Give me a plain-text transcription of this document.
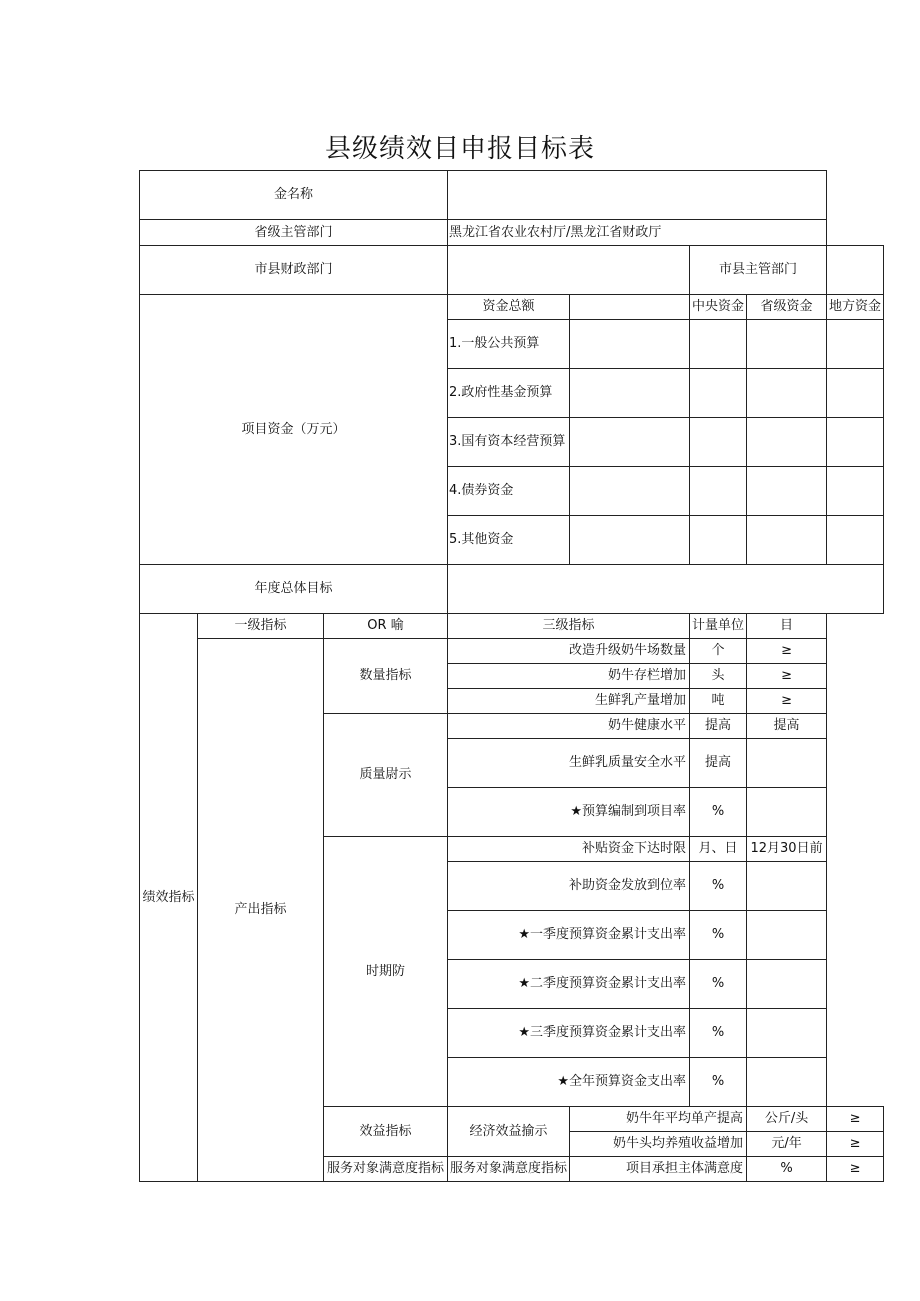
县级绩效目申报目标表
金名称							
省级主管部门			黑龙江省农业农村厅/黑龙江省财政厅				
市县财政部门					市县主管部门		
项目资金（万元）			资金总额		中央资金	省级资金	地方资金
			1.一般公共预算				
			2.政府性基金预算				
			3.国有资本经营预算				
			4.债券资金				
			5.其他资金				
年度总体目标							
绩效指标	一级指标	OR 喻	三级指标		计量单位	目	
	产出指标	数量指标	改造升级奶牛场数量		个	≥	
			奶牛存栏增加		头	≥	
			生鲜乳产量增加		吨	≥	
		质量尉示	奶牛健康水平		提高	提高	
			生鲜乳质量安全水平		提高		
			★预算编制到项目率		%		
		时期防	补贴资金下达时限		月、日	12月30日前	
			补助资金发放到位率		%		
			★一季度预算资金累计支出率		%		
			★二季度预算资金累计支出率		%		
			★三季度预算资金累计支出率		%		
			★全年预算资金支出率		%		
		效益指标	经济效益揄示	奶牛年平均单产提高		公斤/头	≥
				奶牛头均养殖收益增加		元/年	≥
		服务对象满意度指标	服务对象满意度指标	项目承担主体满意度		%	≥
